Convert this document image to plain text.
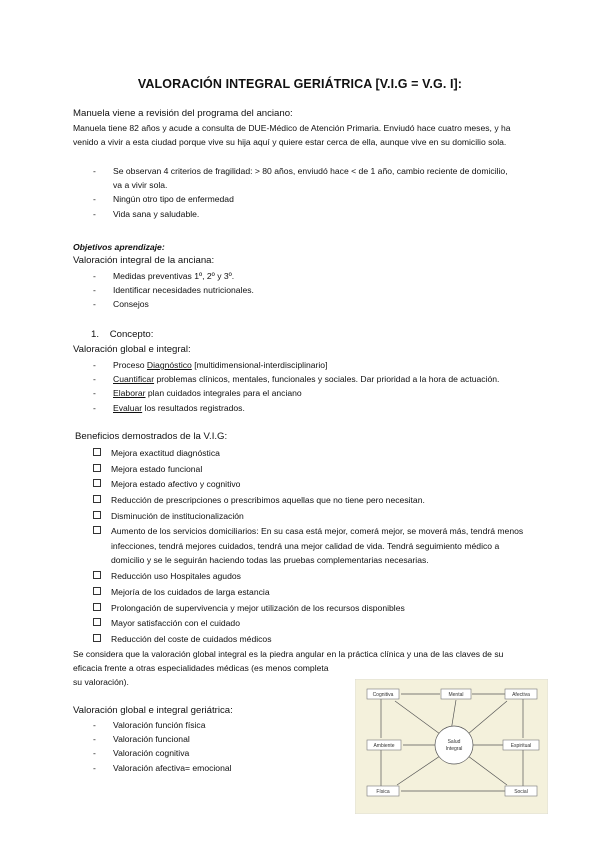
VALORACIÓN INTEGRAL GERIÁTRICA [V.I.G = V.G. I]:
Manuela viene a revisión del programa del anciano:
Manuela tiene 82 años y acude a consulta de DUE-Médico de Atención Primaria. Enviudó hace cuatro meses, y ha venido a vivir a esta ciudad porque vive su hija aquí y quiere estar cerca de ella, aunque vive en su domicilio sola.
- Se observan 4 criterios de fragilidad: > 80 años, enviudó hace < de 1 año, cambio reciente de domicilio, va a vivir sola.
- Ningún otro tipo de enfermedad
- Vida sana y saludable.
Objetivos aprendizaje:
Valoración integral de la anciana:
- Medidas preventivas 1º, 2º y 3º.
- Identificar necesidades nutricionales.
- Consejos
1. Concepto:
Valoración global e integral:
- Proceso Diagnóstico [multidimensional-interdisciplinario]
- Cuantificar problemas clínicos, mentales, funcionales y sociales. Dar prioridad a la hora de actuación.
- Elaborar plan cuidados integrales para el anciano
- Evaluar los resultados registrados.
Beneficios demostrados de la V.I.G:
Mejora exactitud diagnóstica
Mejora estado funcional
Mejora estado afectivo y cognitivo
Reducción de prescripciones o prescribimos aquellas que no tiene pero necesitan.
Disminución de institucionalización
Aumento de los servicios domiciliarios: En su casa está mejor, comerá mejor, se moverá más, tendrá menos infecciones, tendrá mejores cuidados, tendrá una mejor calidad de vida. Tendrá seguimiento médico a domicilio y se le seguirán haciendo todas las pruebas complementarias necesarias.
Reducción uso Hospitales agudos
Mejoría de los cuidados de larga estancia
Prolongación de supervivencia y mejor utilización de los recursos disponibles
Mayor satisfacción con el cuidado
Reducción del coste de cuidados médicos
Se considera que la valoración global integral es la piedra angular en la práctica clínica y una de las claves de su
eficacia frente a otras especialidades médicas (es menos completa
su valoración).
Valoración global e integral geriátrica:
- Valoración función física
- Valoración funcional
- Valoración cognitiva
- Valoración afectiva= emocional
Salud
Integral
Cognitiva	Mental	Afectiva
Ambiente	Espiritual
Física	Social
